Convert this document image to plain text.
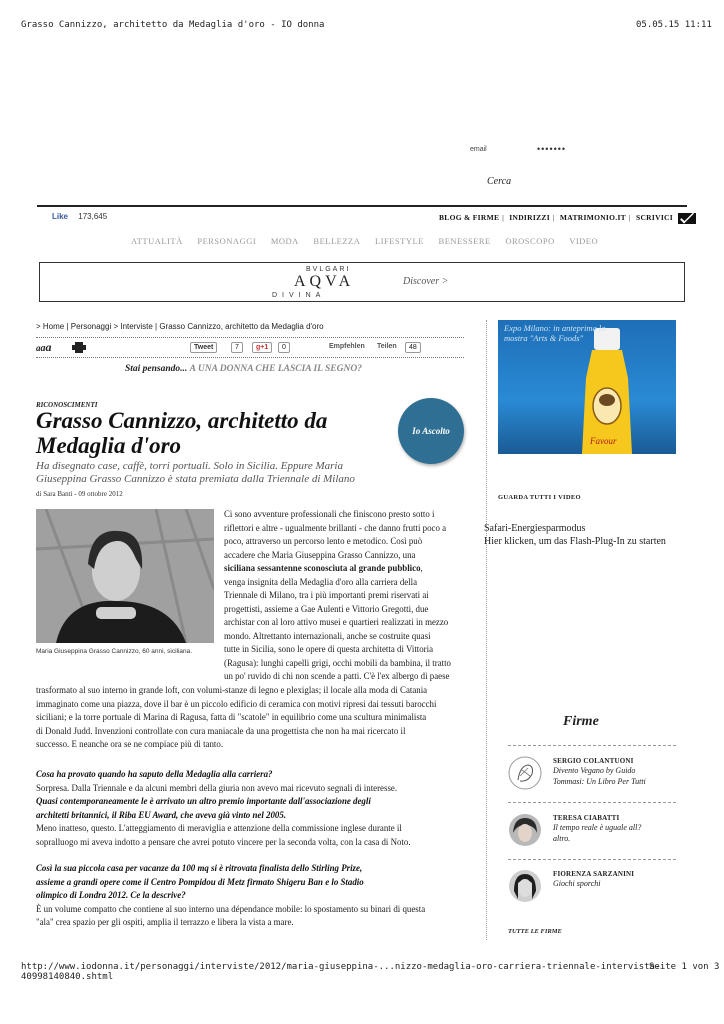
Grasso Cannizzo, architetto da Medaglia d'oro - IO donna	05.05.15 11:11
email	•••••••
Cerca
Like 173,645	BLOG & FIRME | INDIRIZZI | MATRIMONIO.IT | SCRIVICI
ATTUALITÀ PERSONAGGI MODA BELLEZZA LIFESTYLE BENESSERE OROSCOPO VIDEO
BVLGARI
AQVA
DIVINA
Discover >
> Home | Personaggi > Interviste | Grasso Cannizzo, architetto da Medaglia d'oro
aaa	Tweet	7	g+1	0	Empfehlen Teilen	48
Stai pensando... A UNA DONNA CHE LASCIA IL SEGNO?
RICONOSCIMENTI
Grasso Cannizzo, architetto da
Medaglia d'oro
Io Ascolto
Ha disegnato case, caffè, torri portuali. Solo in Sicilia. Eppure Maria
Giuseppina Grasso Cannizzo è stata premiata dalla Triennale di Milano
di Sara Banti - 09 ottobre 2012
Maria Giuseppina Grasso Cannizzo, 60 anni, siciliana.
Ci sono avventure professionali che finiscono presto sotto i
riflettori e altre - ugualmente brillanti - che danno frutti poco a
poco, attraverso un percorso lento e metodico. Così può
accadere che Maria Giuseppina Grasso Cannizzo, una
siciliana sessantenne sconosciuta al grande pubblico,
venga insignita della Medaglia d'oro alla carriera della
Triennale di Milano, tra i più importanti premi riservati ai
progettisti, assieme a Gae Aulenti e Vittorio Gregotti, due
archistar con al loro attivo musei e quartieri realizzati in mezzo
mondo. Altrettanto internazionali, anche se costruite quasi
tutte in Sicilia, sono le opere di questa architetta di Vittoria
(Ragusa): lunghi capelli grigi, occhi mobili da bambina, il tratto
un po' ruvido di chi non scende a patti. C'è l'ex albergo di paese
trasformato al suo interno in grande loft, con volumi-stanze di legno e plexiglas; il locale alla moda di Catania
immaginato come una piazza, dove il bar è un piccolo edificio di ceramica con motivi ripresi dai tessuti barocchi
siciliani; e la torre portuale di Marina di Ragusa, fatta di "scatole" in equilibrio come una scultura minimalista
di Donald Judd. Invenzioni controllate con cura maniacale da una progettista che non ha mai ricercato il
successo. E neanche ora se ne compiace più di tanto.
Cosa ha provato quando ha saputo della Medaglia alla carriera?
Sorpresa. Dalla Triennale e da alcuni membri della giuria non avevo mai ricevuto segnali di interesse.
Quasi contemporaneamente le è arrivato un altro premio importante dall'associazione degli
architetti britannici, il Riba EU Award, che aveva già vinto nel 2005.
Meno inatteso, questo. L'atteggiamento di meraviglia e attenzione della commissione inglese durante il
sopralluogo mi aveva indotto a pensare che avrei potuto vincere per la seconda volta, con la casa di Noto.
Così la sua piccola casa per vacanze da 100 mq si è ritrovata finalista dello Stirling Prize,
assieme a grandi opere come il Centro Pompidou di Metz firmato Shigeru Ban e lo Stadio
olimpico di Londra 2012. Ce la descrive?
È un volume compatto che contiene al suo interno una dépendance mobile: lo spostamento su binari di questa
"ala" crea spazio per gli ospiti, amplia il terrazzo e libera la vista a mare.
Favour
Expo Milano: in anteprima la
mostra "Arts & Foods"
GUARDA TUTTI I VIDEO
Safari-Energiesparmodus
Hier klicken, um das Flash-Plug-In zu starten
Firme
SERGIO COLANTUONI
Divento Vegano by Guido
Tommasi: Un Libro Per Tutti
TERESA CIABATTI
Il tempo reale è uguale all?
altro.
FIORENZA SARZANINI
Giochi sporchi
TUTTE LE FIRME
http://www.iodonna.it/personaggi/interviste/2012/maria-giuseppina-...nizzo-medaglia-oro-carriera-triennale-intervista-40998140840.shtml
Seite 1 von 3
